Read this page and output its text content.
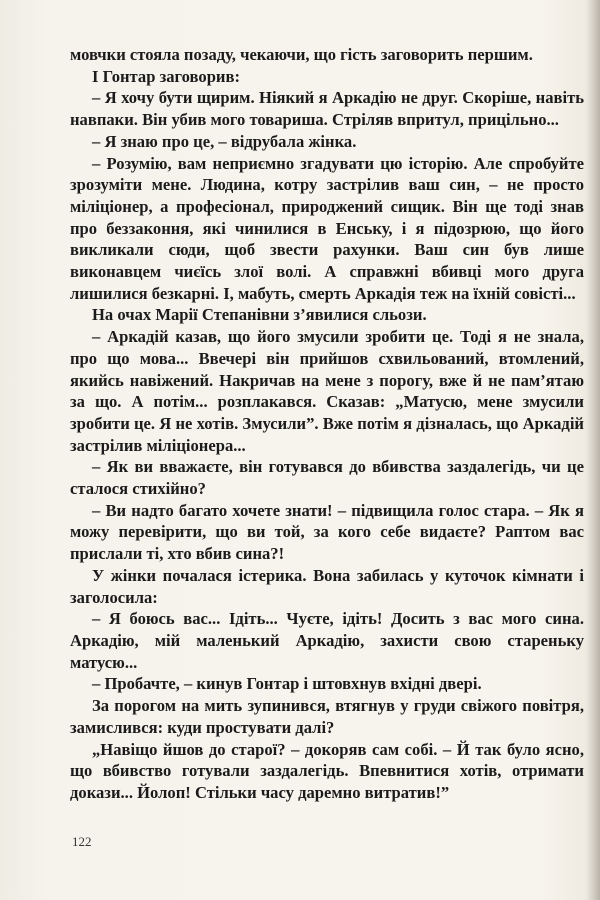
мовчки стояла позаду, чекаючи, що гість заговорить першим.

І Гонтар заговорив:

– Я хочу бути щирим. Ніякий я Аркадію не друг. Скоріше, навіть навпаки. Він убив мого товариша. Стріляв впритул, прицільно...

– Я знаю про це, – відрубала жінка.

– Розумію, вам неприємно згадувати цю історію. Але спробуйте зрозуміти мене. Людина, котру застрілив ваш син, – не просто міліціонер, а професіонал, природжений сищик. Він ще тоді знав про беззаконня, які чинилися в Енську, і я підозрюю, що його викликали сюди, щоб звести рахунки. Ваш син був лише виконавцем чиєїсь злої волі. А справжні вбивці мого друга лишилися безкарні. І, мабуть, смерть Аркадія теж на їхній совісті...

На очах Марії Степанівни з’явилися сльози.

– Аркадій казав, що його змусили зробити це. Тоді я не знала, про що мова... Ввечері він прийшов схвильований, втомлений, якийсь навіжений. Накричав на мене з порогу, вже й не пам’ятаю за що. А потім... розплакався. Сказав: „Матусю, мене змусили зробити це. Я не хотів. Змусили”. Вже потім я дізналась, що Аркадій застрілив міліціонера...

– Як ви вважаєте, він готувався до вбивства заздалегідь, чи це сталося стихійно?

– Ви надто багато хочете знати! – підвищила голос стара. – Як я можу перевірити, що ви той, за кого себе видаєте? Раптом вас прислали ті, хто вбив сина?!

У жінки почалася істерика. Вона забилась у куточок кімнати і заголосила:

– Я боюсь вас... Ідіть... Чуєте, ідіть! Досить з вас мого сина. Аркадію, мій маленький Аркадію, захисти свою стареньку матусю...

– Пробачте, – кинув Гонтар і штовхнув вхідні двері.

За порогом на мить зупинився, втягнув у груди свіжого повітря, замислився: куди простувати далі?

„Навіщо йшов до старої? – докоряв сам собі. – Й так було ясно, що вбивство готували заздалегідь. Впевнитися хотів, отримати докази... Йолоп! Стільки часу даремно витратив!”

122
